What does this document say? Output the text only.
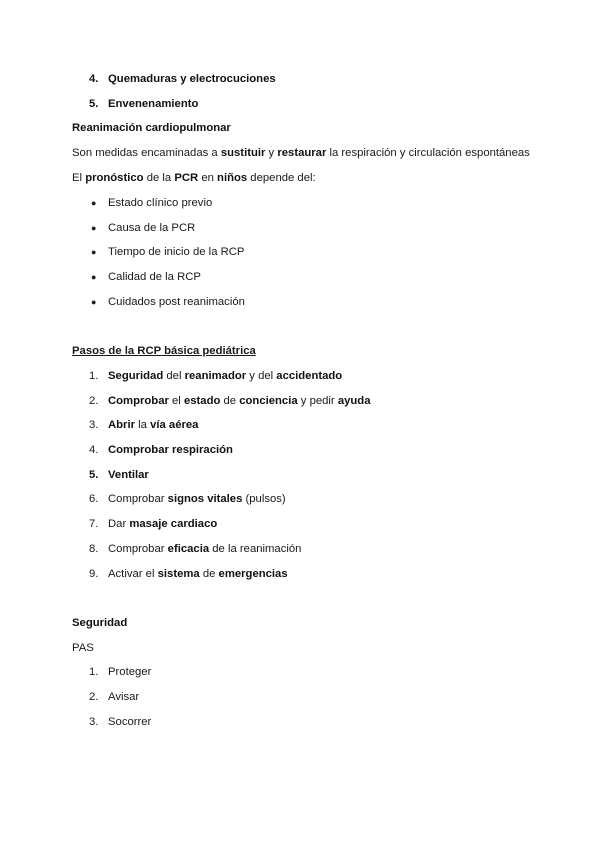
4. Quemaduras y electrocuciones
5. Envenenamiento
Reanimación cardiopulmonar
Son medidas encaminadas a sustituir y restaurar la respiración y circulación espontáneas
El pronóstico de la PCR en niños depende del:
● Estado clínico previo
● Causa de la PCR
● Tiempo de inicio de la RCP
● Calidad de la RCP
● Cuidados post reanimación
Pasos de la RCP básica pediátrica
1. Seguridad del reanimador y del accidentado
2. Comprobar el estado de conciencia y pedir ayuda
3. Abrir la vía aérea
4. Comprobar respiración
5. Ventilar
6. Comprobar signos vitales (pulsos)
7. Dar masaje cardiaco
8. Comprobar eficacia de la reanimación
9. Activar el sistema de emergencias
Seguridad
PAS
1. Proteger
2. Avisar
3. Socorrer
